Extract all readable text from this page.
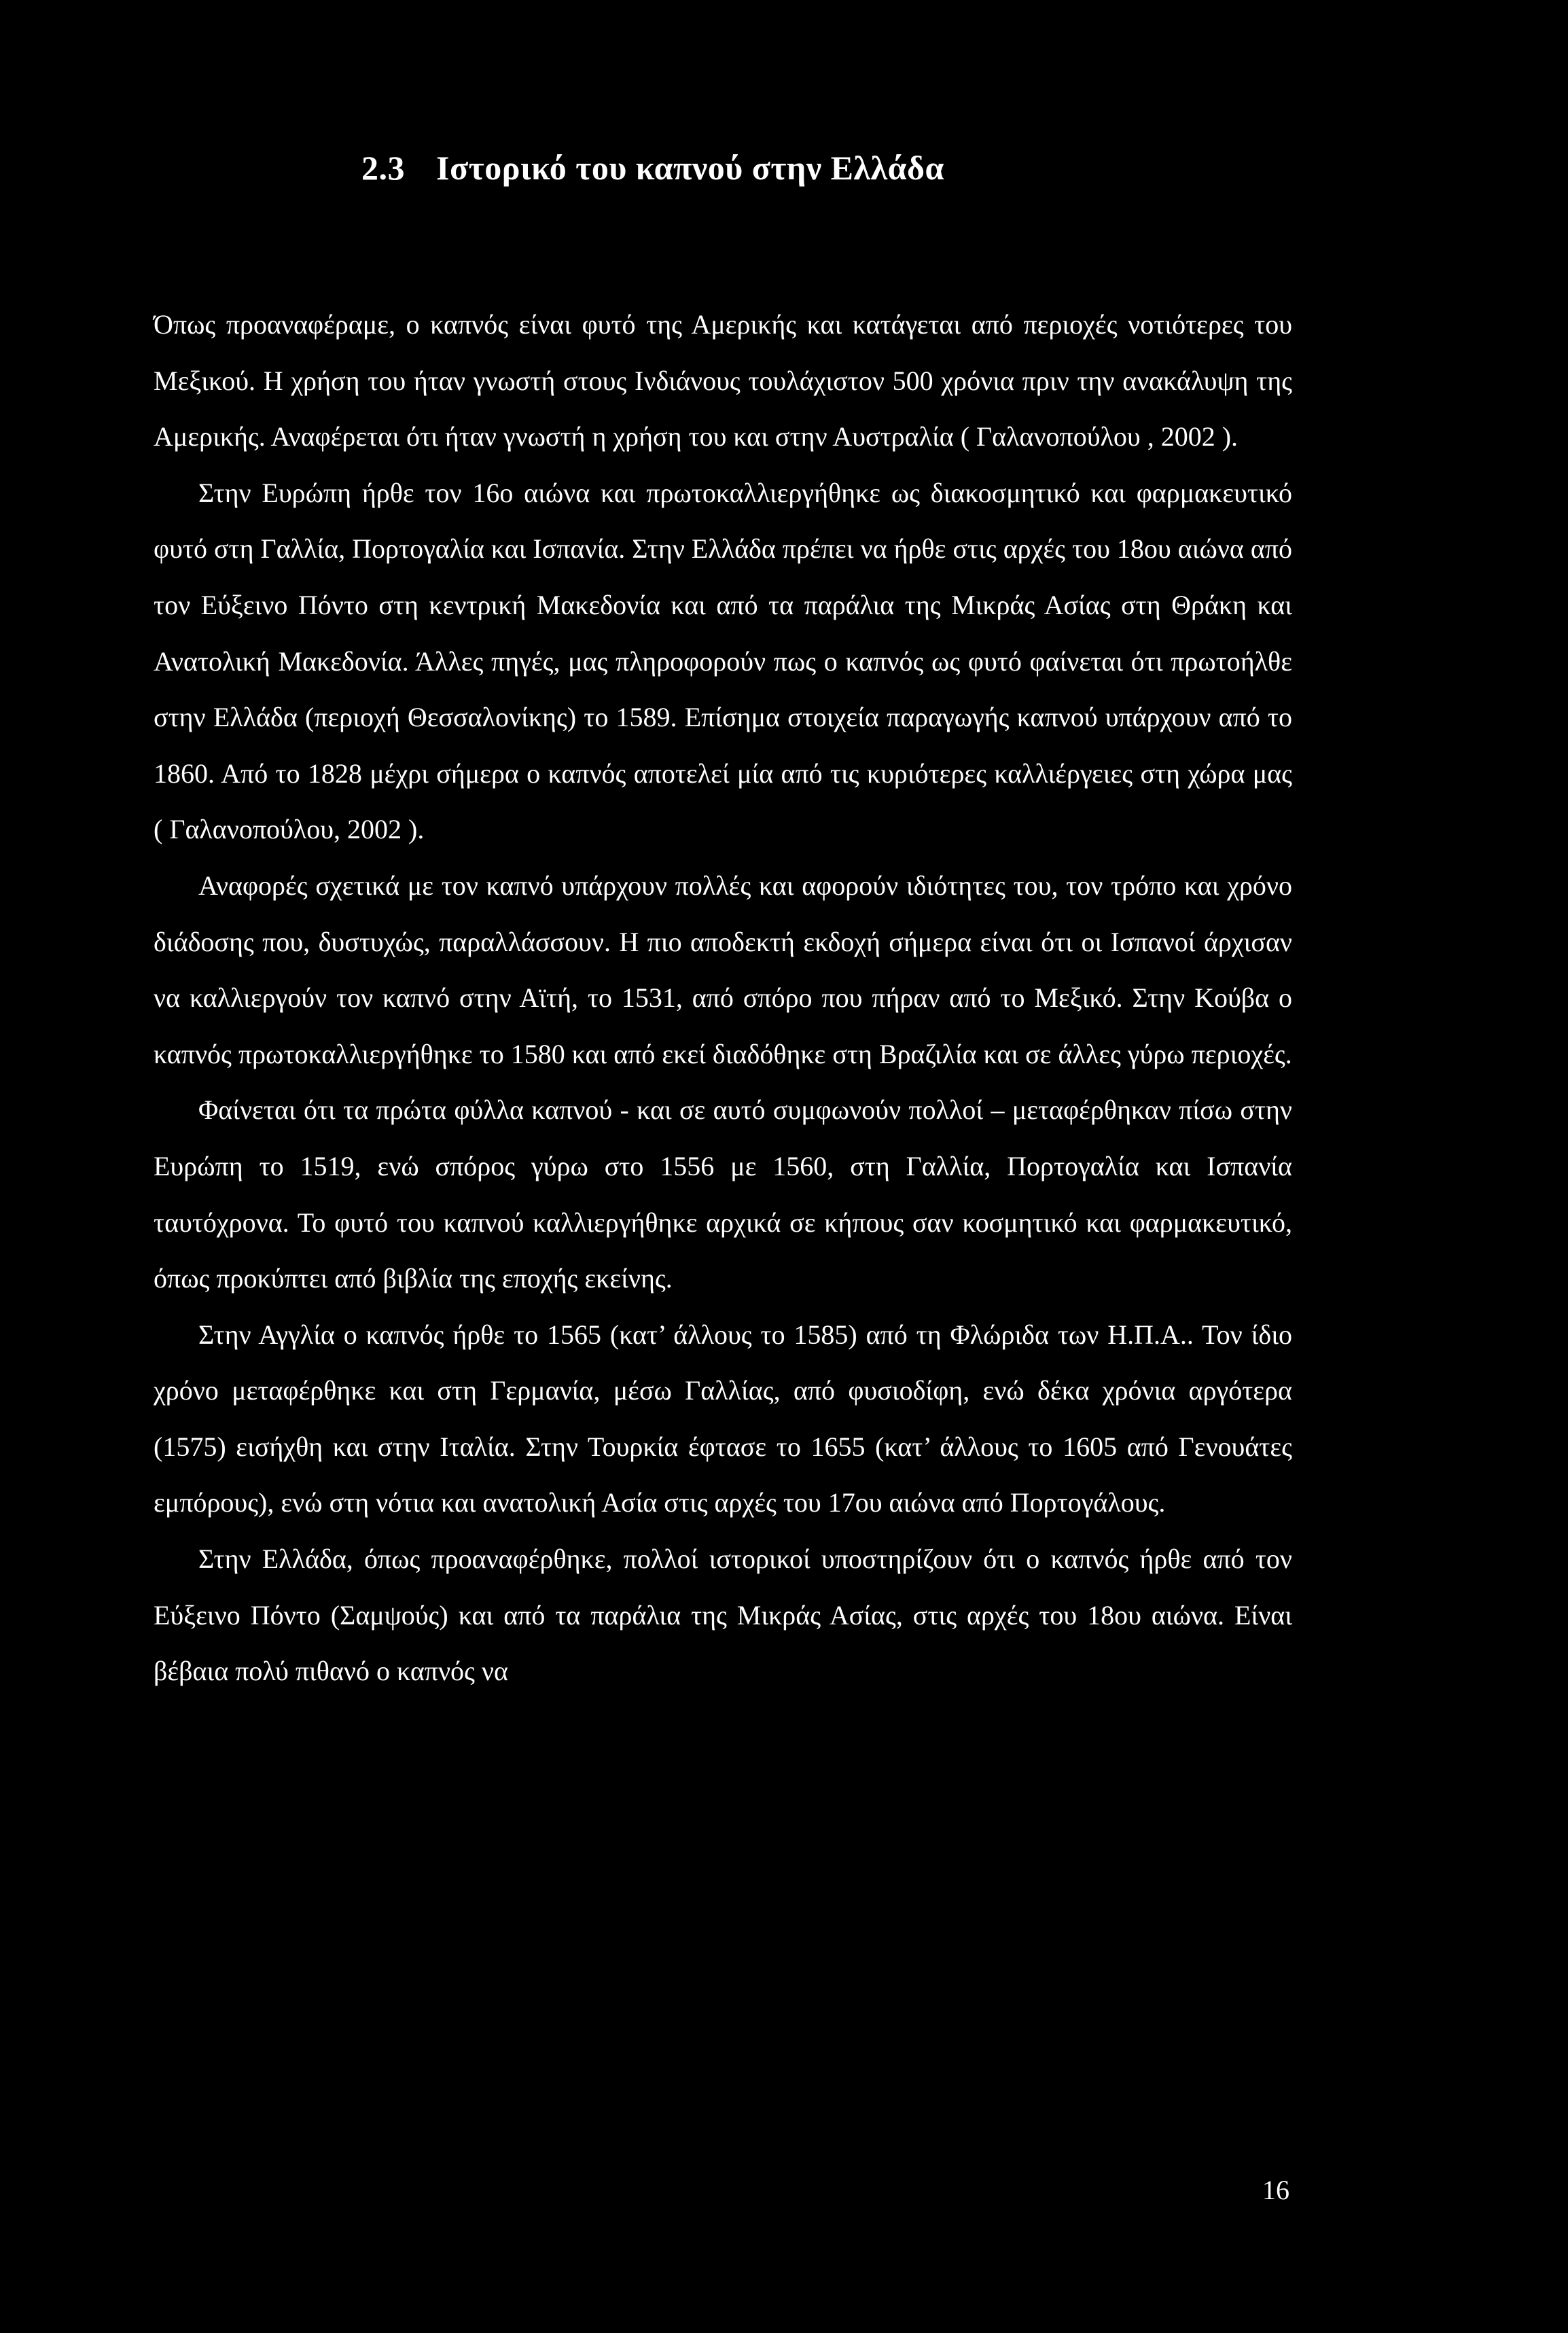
2.3 Ιστορικό του καπνού στην Ελλάδα

Όπως προαναφέραμε, ο καπνός είναι φυτό της Αμερικής και κατάγεται από περιοχές νοτιότερες του Μεξικού. Η χρήση του ήταν γνωστή στους Ινδιάνους τουλάχιστον 500 χρόνια πριν την ανακάλυψη της Αμερικής. Αναφέρεται ότι ήταν γνωστή η χρήση του και στην Αυστραλία ( Γαλανοπούλου , 2002 ).

Στην Ευρώπη ήρθε τον 16ο αιώνα και πρωτοκαλλιεργήθηκε ως διακοσμητικό και φαρμακευτικό φυτό στη Γαλλία, Πορτογαλία και Ισπανία. Στην Ελλάδα πρέπει να ήρθε στις αρχές του 18ου αιώνα από τον Εύξεινο Πόντο στη κεντρική Μακεδονία και από τα παράλια της Μικράς Ασίας στη Θράκη και Ανατολική Μακεδονία. Άλλες πηγές, μας πληροφορούν πως ο καπνός ως φυτό φαίνεται ότι πρωτοήλθε στην Ελλάδα (περιοχή Θεσσαλονίκης) το 1589. Επίσημα στοιχεία παραγωγής καπνού υπάρχουν από το 1860. Από το 1828 μέχρι σήμερα ο καπνός αποτελεί μία από τις κυριότερες καλλιέργειες στη χώρα μας ( Γαλανοπούλου, 2002 ).

Αναφορές σχετικά με τον καπνό υπάρχουν πολλές και αφορούν ιδιότητες του, τον τρόπο και χρόνο διάδοσης που, δυστυχώς, παραλλάσσουν. Η πιο αποδεκτή εκδοχή σήμερα είναι ότι οι Ισπανοί άρχισαν να καλλιεργούν τον καπνό στην Αϊτή, το 1531, από σπόρο που πήραν από το Μεξικό. Στην Κούβα ο καπνός πρωτοκαλλιεργήθηκε το 1580 και από εκεί διαδόθηκε στη Βραζιλία και σε άλλες γύρω περιοχές.

Φαίνεται ότι τα πρώτα φύλλα καπνού - και σε αυτό συμφωνούν πολλοί – μεταφέρθηκαν πίσω στην Ευρώπη το 1519, ενώ σπόρος γύρω στο 1556 με 1560, στη Γαλλία, Πορτογαλία και Ισπανία ταυτόχρονα. Το φυτό του καπνού καλλιεργήθηκε αρχικά σε κήπους σαν κοσμητικό και φαρμακευτικό, όπως προκύπτει από βιβλία της εποχής εκείνης.

Στην Αγγλία ο καπνός ήρθε το 1565 (κατ’ άλλους το 1585) από τη Φλώριδα των Η.Π.Α.. Τον ίδιο χρόνο μεταφέρθηκε και στη Γερμανία, μέσω Γαλλίας, από φυσιοδίφη, ενώ δέκα χρόνια αργότερα (1575) εισήχθη και στην Ιταλία. Στην Τουρκία έφτασε το 1655 (κατ’ άλλους το 1605 από Γενουάτες εμπόρους), ενώ στη νότια και ανατολική Ασία στις αρχές του 17ου αιώνα από Πορτογάλους.

Στην Ελλάδα, όπως προαναφέρθηκε, πολλοί ιστορικοί υποστηρίζουν ότι ο καπνός ήρθε από τον Εύξεινο Πόντο (Σαμψούς) και από τα παράλια της Μικράς Ασίας, στις αρχές του 18ου αιώνα. Είναι βέβαια πολύ πιθανό ο καπνός να

16
